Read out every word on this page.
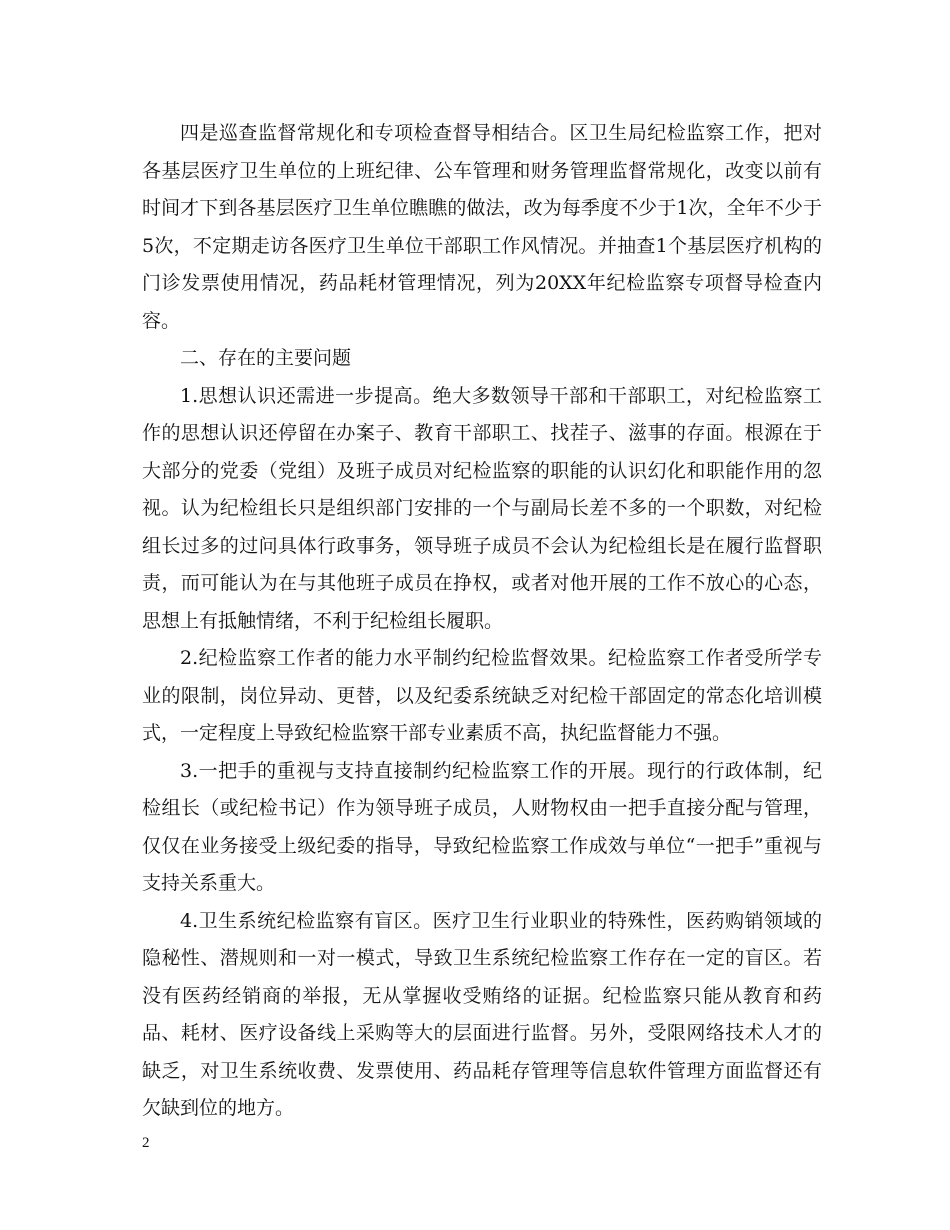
四是巡查监督常规化和专项检查督导相结合。区卫生局纪检监察工作，把对各基层医疗卫生单位的上班纪律、公车管理和财务管理监督常规化，改变以前有时间才下到各基层医疗卫生单位瞧瞧的做法，改为每季度不少于1次，全年不少于5次，不定期走访各医疗卫生单位干部职工作风情况。并抽查1个基层医疗机构的门诊发票使用情况，药品耗材管理情况，列为20XX年纪检监察专项督导检查内容。

二、存在的主要问题

1.思想认识还需进一步提高。绝大多数领导干部和干部职工，对纪检监察工作的思想认识还停留在办案子、教育干部职工、找茬子、滋事的存面。根源在于大部分的党委（党组）及班子成员对纪检监察的职能的认识幻化和职能作用的忽视。认为纪检组长只是组织部门安排的一个与副局长差不多的一个职数，对纪检组长过多的过问具体行政事务，领导班子成员不会认为纪检组长是在履行监督职责，而可能认为在与其他班子成员在挣权，或者对他开展的工作不放心的心态，思想上有抵触情绪，不利于纪检组长履职。

2.纪检监察工作者的能力水平制约纪检监督效果。纪检监察工作者受所学专业的限制，岗位异动、更替，以及纪委系统缺乏对纪检干部固定的常态化培训模式，一定程度上导致纪检监察干部专业素质不高，执纪监督能力不强。

3.一把手的重视与支持直接制约纪检监察工作的开展。现行的行政体制，纪检组长（或纪检书记）作为领导班子成员，人财物权由一把手直接分配与管理，仅仅在业务接受上级纪委的指导，导致纪检监察工作成效与单位“一把手”重视与支持关系重大。

4.卫生系统纪检监察有盲区。医疗卫生行业职业的特殊性，医药购销领域的隐秘性、潜规则和一对一模式，导致卫生系统纪检监察工作存在一定的盲区。若没有医药经销商的举报，无从掌握收受贿络的证据。纪检监察只能从教育和药品、耗材、医疗设备线上采购等大的层面进行监督。另外，受限网络技术人才的缺乏，对卫生系统收费、发票使用、药品耗存管理等信息软件管理方面监督还有欠缺到位的地方。

2
